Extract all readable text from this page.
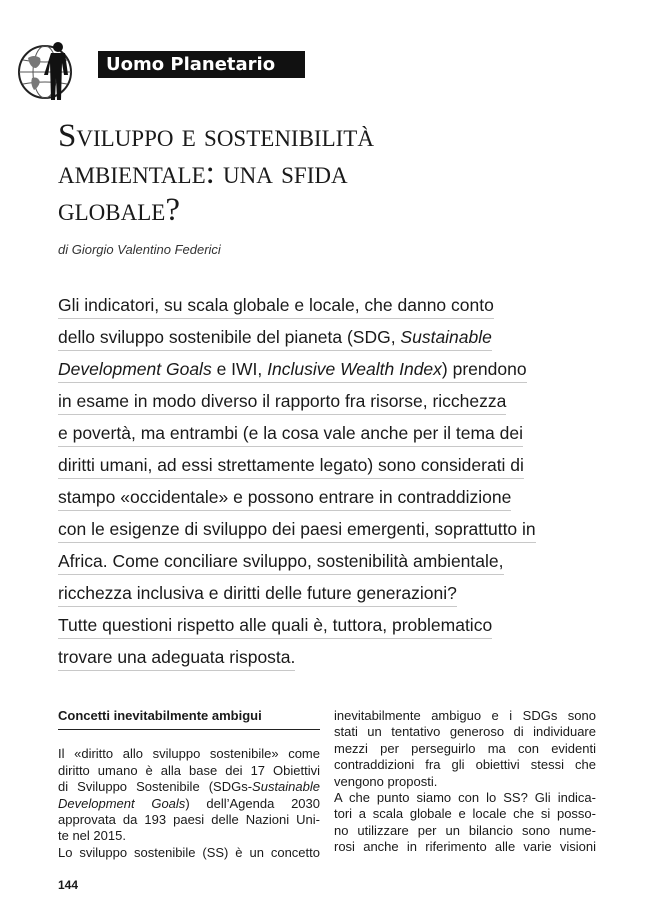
Uomo Planetario
Sviluppo e sostenibilità
ambientale: una sfida
globale?
di Giorgio Valentino Federici
Gli indicatori, su scala globale e locale, che danno conto
dello sviluppo sostenibile del pianeta (SDG, Sustainable
Development Goals e IWI, Inclusive Wealth Index) prendono
in esame in modo diverso il rapporto fra risorse, ricchezza
e povertà, ma entrambi (e la cosa vale anche per il tema dei
diritti umani, ad essi strettamente legato) sono considerati di
stampo «occidentale» e possono entrare in contraddizione
con le esigenze di sviluppo dei paesi emergenti, soprattutto in
Africa. Come conciliare sviluppo, sostenibilità ambientale,
ricchezza inclusiva e diritti delle future generazioni?
Tutte questioni rispetto alle quali è, tuttora, problematico
trovare una adeguata risposta.
Concetti inevitabilmente ambigui

Il «diritto allo sviluppo sostenibile» come
diritto umano è alla base dei 17 Obiettivi
di Sviluppo Sostenibile (SDGs-Sustainable
Development Goals) dell’Agenda 2030
approvata da 193 paesi delle Nazioni Uni-
te nel 2015.

Lo sviluppo sostenibile (SS) è un concetto

inevitabilmente ambiguo e i SDGs sono
stati un tentativo generoso di individuare
mezzi per perseguirlo ma con evidenti
contraddizioni fra gli obiettivi stessi che
vengono proposti.

A che punto siamo con lo SS? Gli indica-
tori a scala globale e locale che si posso-
no utilizzare per un bilancio sono nume-
rosi anche in riferimento alle varie visioni

144
